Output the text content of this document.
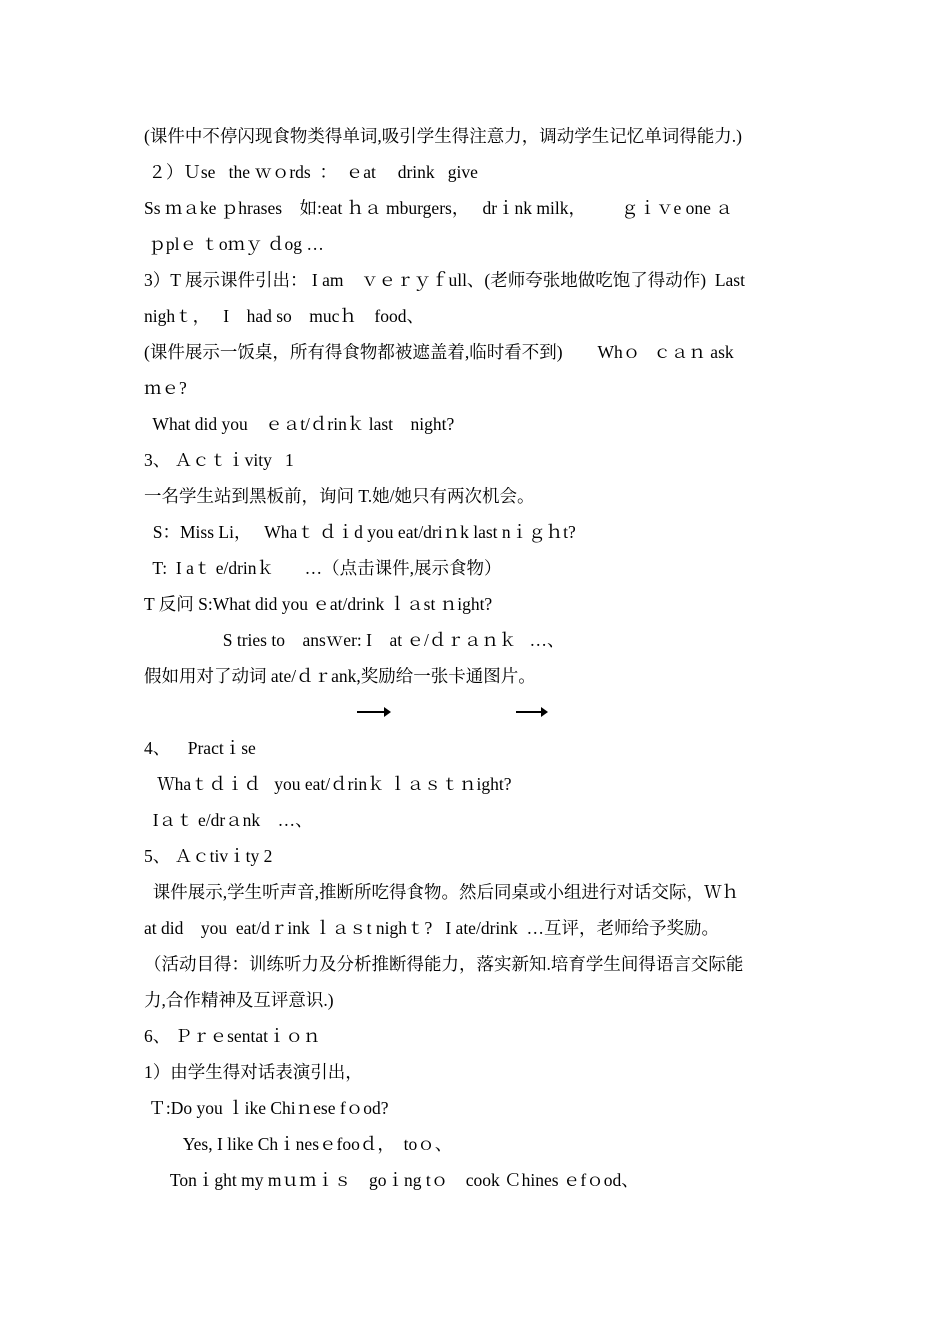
(课件中不停闪现食物类得单词,吸引学生得注意力，调动学生记忆单词得能力.)
２）Ｕse   the ｗｏrds  ：  ｅat     drink   give
Ss ｍａke ｐhrases    如:eat ｈａ mburgers，   drｉnk milk，        ｇｉｖe one ａ
ｐplｅ ｔoｍｙ ｄog …
3）T 展示课件引出： I am    ｖｅｒｙｆull、(老师夸张地做吃饱了得动作)  Last
nighｔ，   I    had so    mucｈ    food、
(课件展示一饭桌，所有得食物都被遮盖着,临时看不到)        Whｏ   ｃａｎ ask
ｍｅ?
What did you    ｅａt/ｄrinｋ last    night?
3、 Ａｃｔｉvity   1
一名学生站到黑板前，询问 T.她/她只有两次机会。
S：Miss Li，   Whaｔ ｄｉd you eat/driｎk last nｉｇｈt?
T:  I aｔ e/drinｋ       …（点击课件,展示食物）
T 反问 S:What did you ｅat/drink ｌａst ｎight?
S tries to    ansｗer: I    at ｅ/ｄｒａｎｋ   …、
假如用对了动词 ate/ｄｒank,奖励给一张卡通图片。

4、    Practｉse
Ｗhaｔｄｉｄ   you eat/ｄrinｋ ｌａｓｔｎight?
Iａｔ e/drａnk    …、
5、 Ａｃtivｉty 2
课件展示,学生听声音,推断所吃得食物。然后同桌或小组进行对话交际，Ｗｈ
at did    you  eat/dｒink ｌａｓt nighｔ?   I ate/drink  …互评，老师给予奖励。
（活动目得：训练听力及分析推断得能力，落实新知.培育学生间得语言交际能
力,合作精神及互评意识.)
6、 Ｐｒｅsentatｉｏｎ
1）由学生得对话表演引出，
Ｔ:Do you ｌike Chiｎese fｏod?
Yes, I like Chｉnesｅfooｄ，  toｏ、
Tonｉght my mｕｍｉｓ    goｉng tｏ    cook Ｃhines ｅfｏod、
